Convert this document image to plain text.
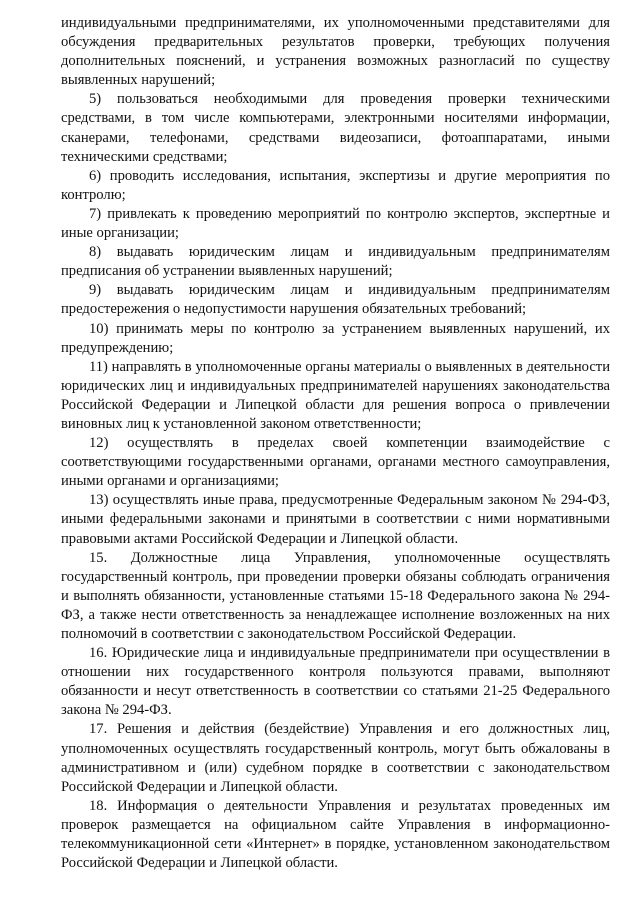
индивидуальными предпринимателями, их уполномоченными представителями для обсуждения предварительных результатов проверки, требующих получения дополнительных пояснений, и устранения возможных разногласий по существу выявленных нарушений;

5) пользоваться необходимыми для проведения проверки техническими средствами, в том числе компьютерами, электронными носителями информации, сканерами, телефонами, средствами видеозаписи, фотоаппаратами, иными техническими средствами;

6) проводить исследования, испытания, экспертизы и другие мероприятия по контролю;

7) привлекать к проведению мероприятий по контролю экспертов, экспертные и иные организации;

8) выдавать юридическим лицам и индивидуальным предпринимателям предписания об устранении выявленных нарушений;

9) выдавать юридическим лицам и индивидуальным предпринимателям предостережения о недопустимости нарушения обязательных требований;

10) принимать меры по контролю за устранением выявленных нарушений, их предупреждению;

11) направлять в уполномоченные органы материалы о выявленных в деятельности юридических лиц и индивидуальных предпринимателей нарушениях законодательства Российской Федерации и Липецкой области для решения вопроса о привлечении виновных лиц к установленной законом ответственности;

12) осуществлять в пределах своей компетенции взаимодействие с соответствующими государственными органами, органами местного самоуправления, иными органами и организациями;

13) осуществлять иные права, предусмотренные Федеральным законом № 294-ФЗ, иными федеральными законами и принятыми в соответствии с ними нормативными правовыми актами Российской Федерации и Липецкой области.

15. Должностные лица Управления, уполномоченные осуществлять государственный контроль, при проведении проверки обязаны соблюдать ограничения и выполнять обязанности, установленные статьями 15-18 Федерального закона № 294-ФЗ, а также нести ответственность за ненадлежащее исполнение возложенных на них полномочий в соответствии с законодательством Российской Федерации.

16. Юридические лица и индивидуальные предприниматели при осуществлении в отношении них государственного контроля пользуются правами, выполняют обязанности и несут ответственность в соответствии со статьями 21-25 Федерального закона № 294-ФЗ.

17. Решения и действия (бездействие) Управления и его должностных лиц, уполномоченных осуществлять государственный контроль, могут быть обжалованы в административном и (или) судебном порядке в соответствии с законодательством Российской Федерации и Липецкой области.

18. Информация о деятельности Управления и результатах проведенных им проверок размещается на официальном сайте Управления в информационно-телекоммуникационной сети «Интернет» в порядке, установленном законодательством Российской Федерации и Липецкой области.
